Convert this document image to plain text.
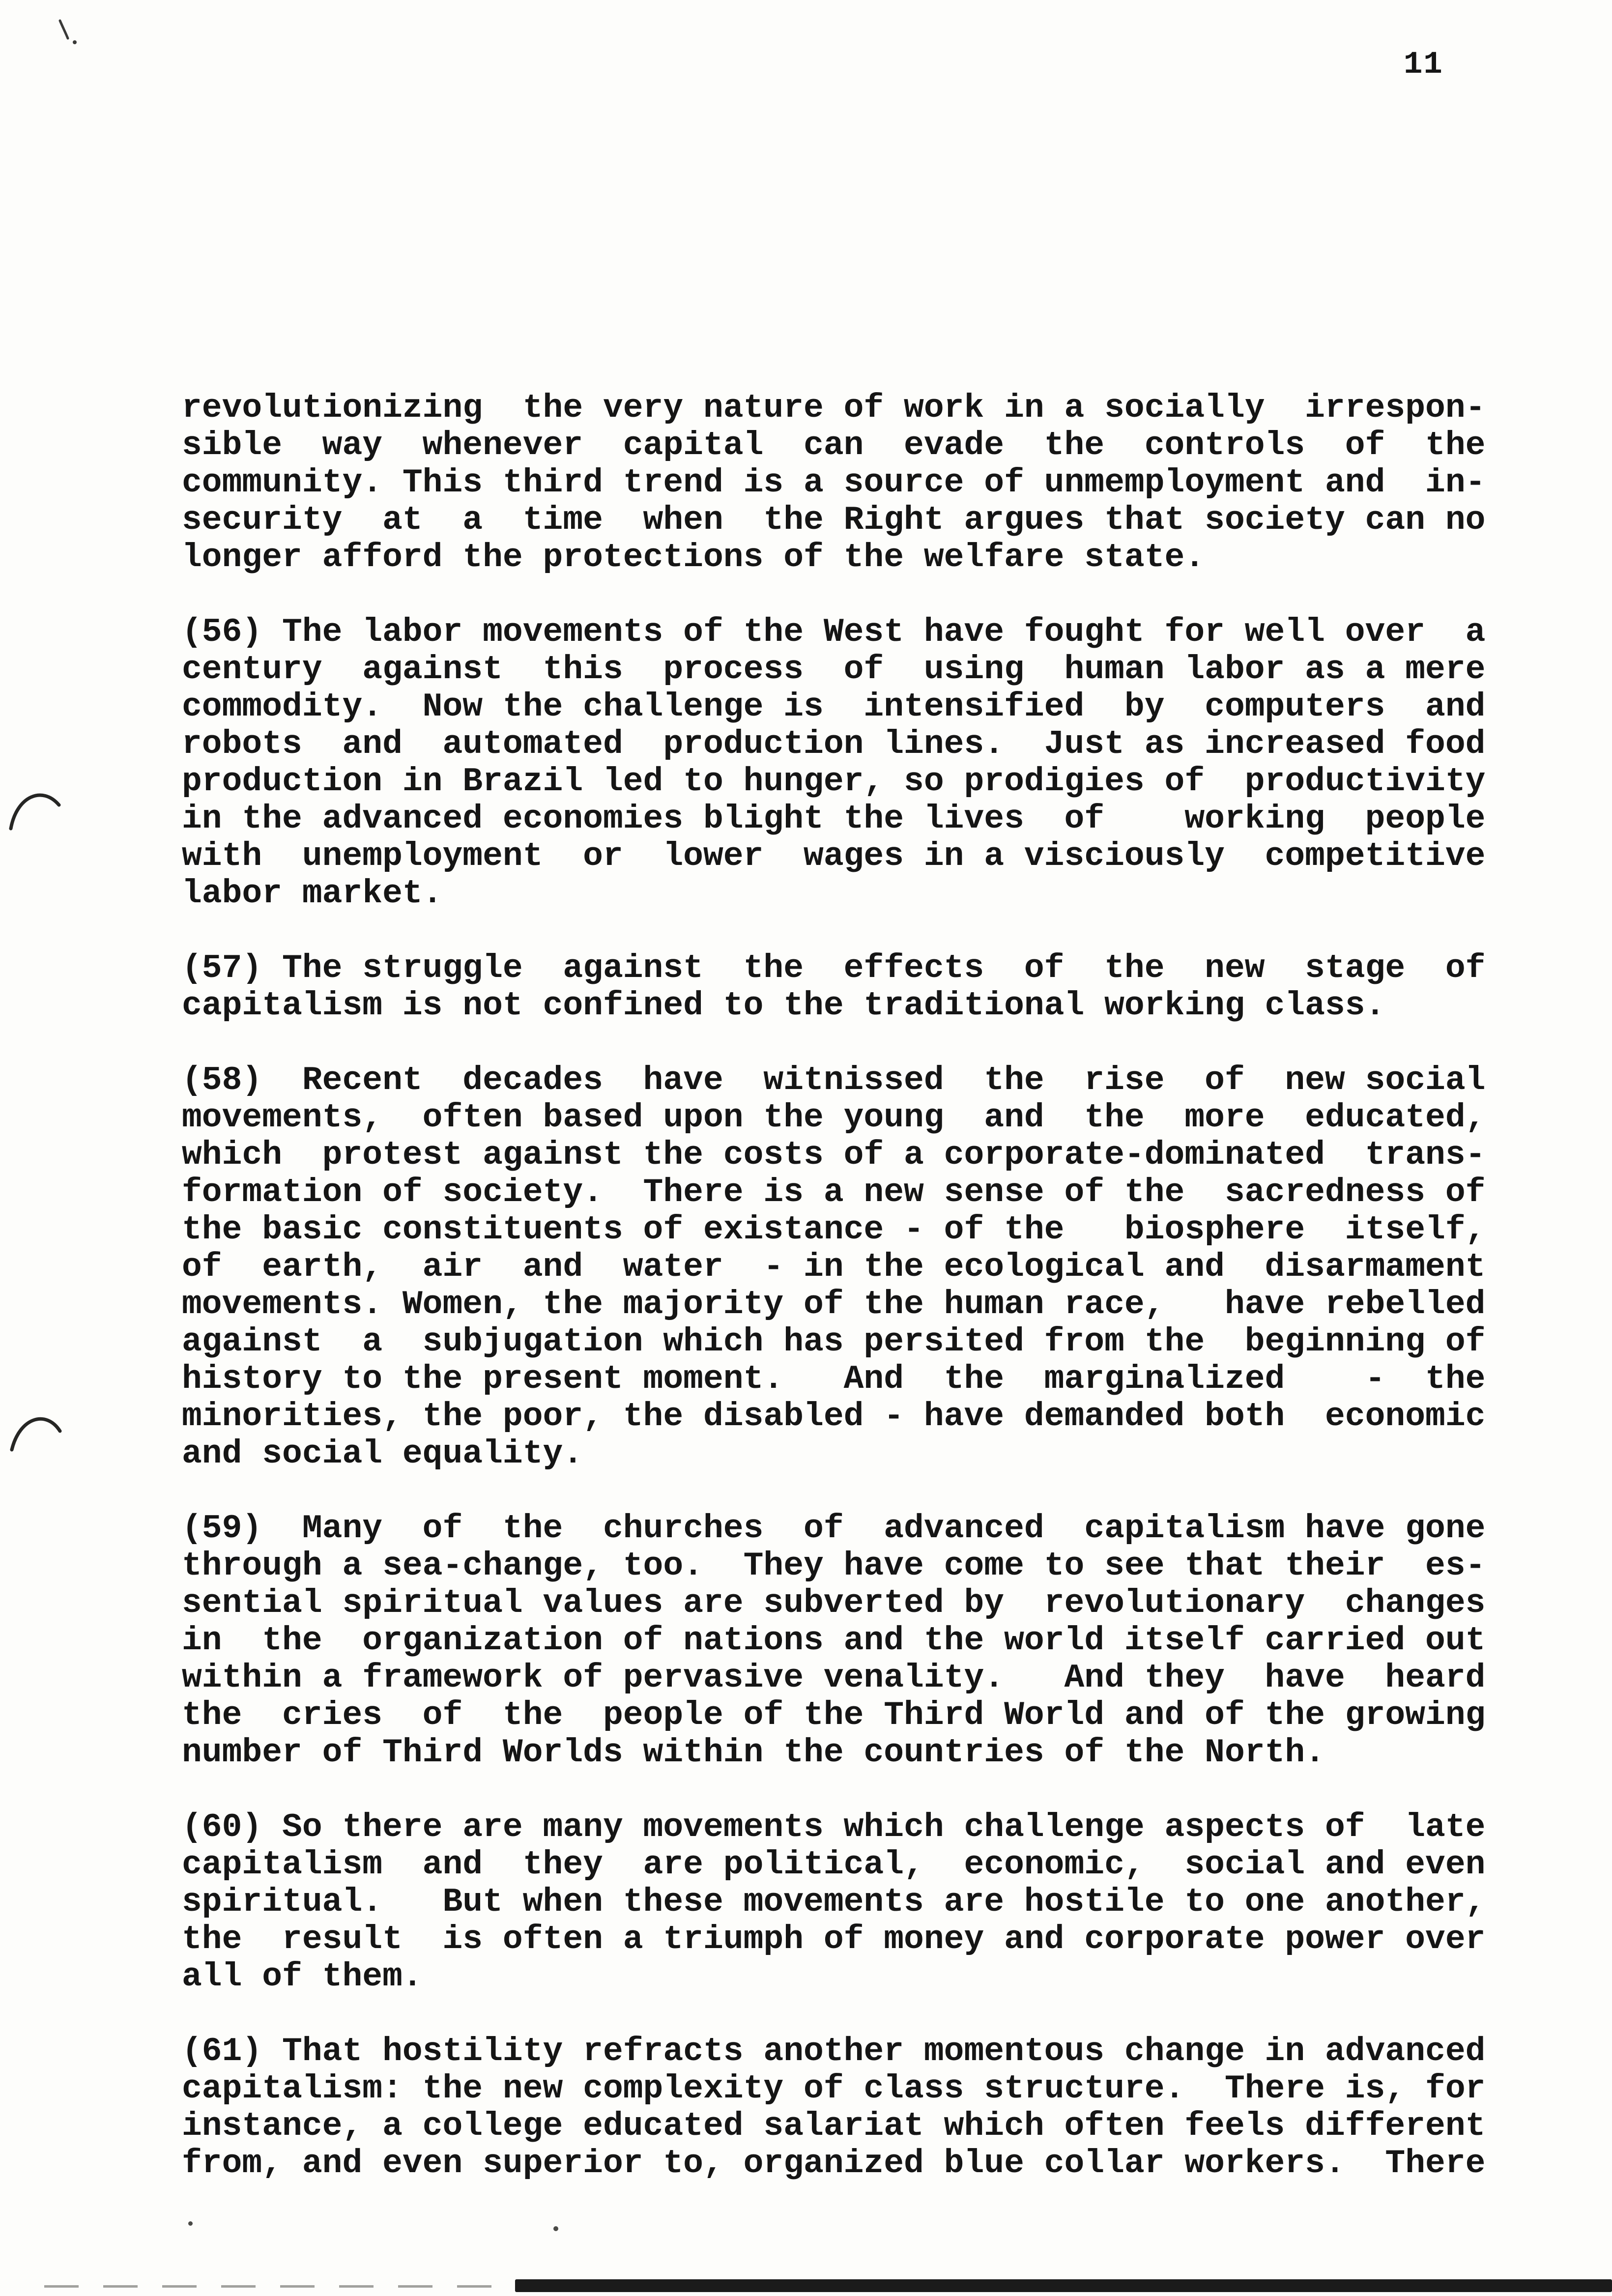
11
revolutionizing  the very nature of work in a socially  irrespon-
sible  way  whenever  capital  can  evade  the  controls  of  the
community. This third trend is a source of unmemployment and  in-
security  at  a  time  when  the Right argues that society can no
longer afford the protections of the welfare state.
(56) The labor movements of the West have fought for well over  a
century  against  this  process  of  using  human labor as a mere
commodity.  Now the challenge is  intensified  by  computers  and
robots  and  automated  production lines.  Just as increased food
production in Brazil led to hunger, so prodigies of  productivity
in the advanced economies blight the lives  of    working  people
with  unemployment  or  lower  wages in a visciously  competitive
labor market.
(57) The struggle  against  the  effects  of  the  new  stage  of
capitalism is not confined to the traditional working class.
(58)  Recent  decades  have  witnissed  the  rise  of  new social
movements,  often based upon the young  and  the  more  educated,
which  protest against the costs of a corporate-dominated  trans-
formation of society.  There is a new sense of the  sacredness of
the basic constituents of existance - of the   biosphere  itself,
of  earth,  air  and  water  - in the ecological and  disarmament
movements. Women, the majority of the human race,   have rebelled
against  a  subjugation which has persited from the  beginning of
history to the present moment.   And  the  marginalized    -  the
minorities, the poor, the disabled - have demanded both  economic
and social equality.
(59)  Many  of  the  churches  of  advanced  capitalism have gone
through a sea-change, too.  They have come to see that their  es-
sential spiritual values are subverted by  revolutionary  changes
in  the  organization of nations and the world itself carried out
within a framework of pervasive venality.   And they  have  heard
the  cries  of  the  people of the Third World and of the growing
number of Third Worlds within the countries of the North.
(60) So there are many movements which challenge aspects of  late
capitalism  and  they  are political,  economic,  social and even
spiritual.   But when these movements are hostile to one another,
the  result  is often a triumph of money and corporate power over
all of them.
(61) That hostility refracts another momentous change in advanced
capitalism: the new complexity of class structure.  There is, for
instance, a college educated salariat which often feels different
from, and even superior to, organized blue collar workers.  There
